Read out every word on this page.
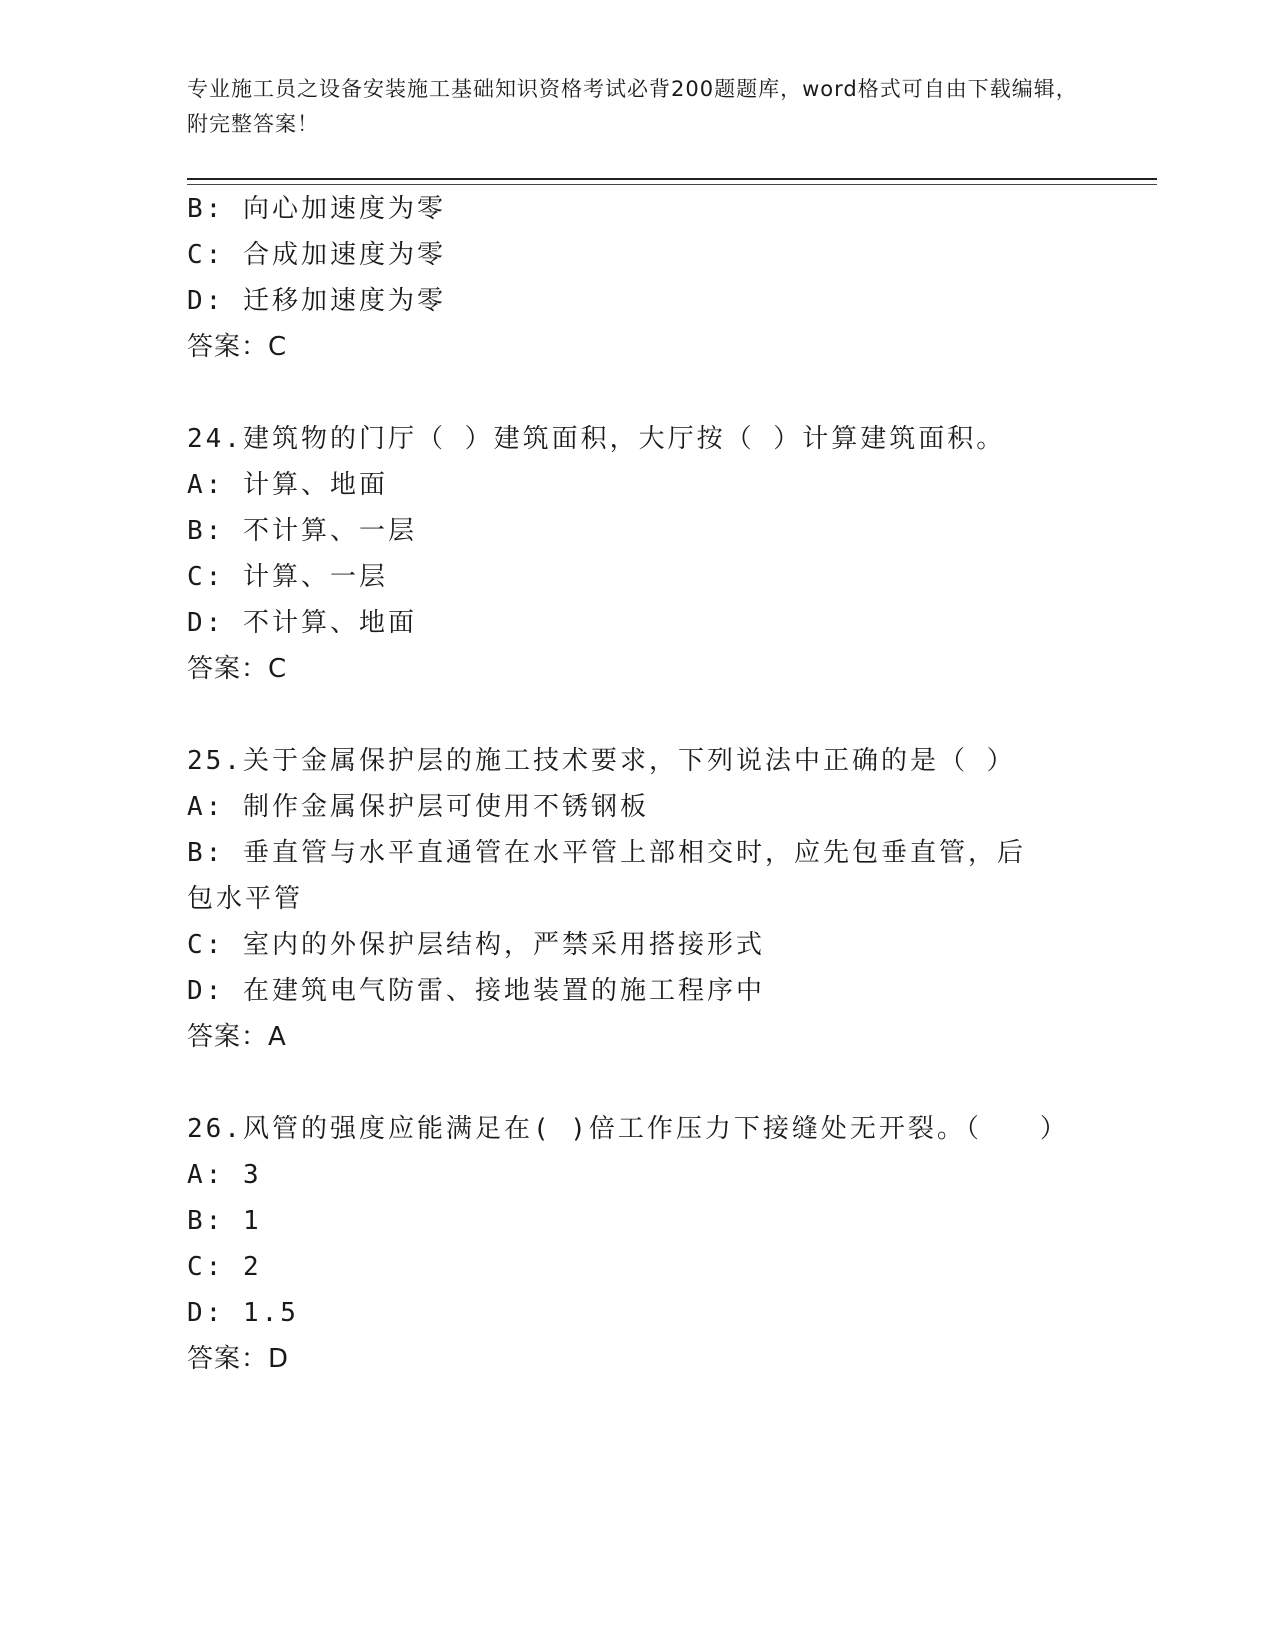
专业施工员之设备安装施工基础知识资格考试必背200题题库，word格式可自由下载编辑，附完整答案！
B: 向心加速度为零
C: 合成加速度为零
D: 迁移加速度为零
答案：C
24.建筑物的门厅（ ）建筑面积，大厅按（ ）计算建筑面积。
A: 计算、地面
B: 不计算、一层
C: 计算、一层
D: 不计算、地面
答案：C
25.关于金属保护层的施工技术要求，下列说法中正确的是（ ）
A: 制作金属保护层可使用不锈钢板
B: 垂直管与水平直通管在水平管上部相交时，应先包垂直管，后包水平管
C: 室内的外保护层结构，严禁采用搭接形式
D: 在建筑电气防雷、接地装置的施工程序中
答案：A
26.风管的强度应能满足在( )倍工作压力下接缝处无开裂。（　　）
A: 3
B: 1
C: 2
D: 1.5
答案：D
